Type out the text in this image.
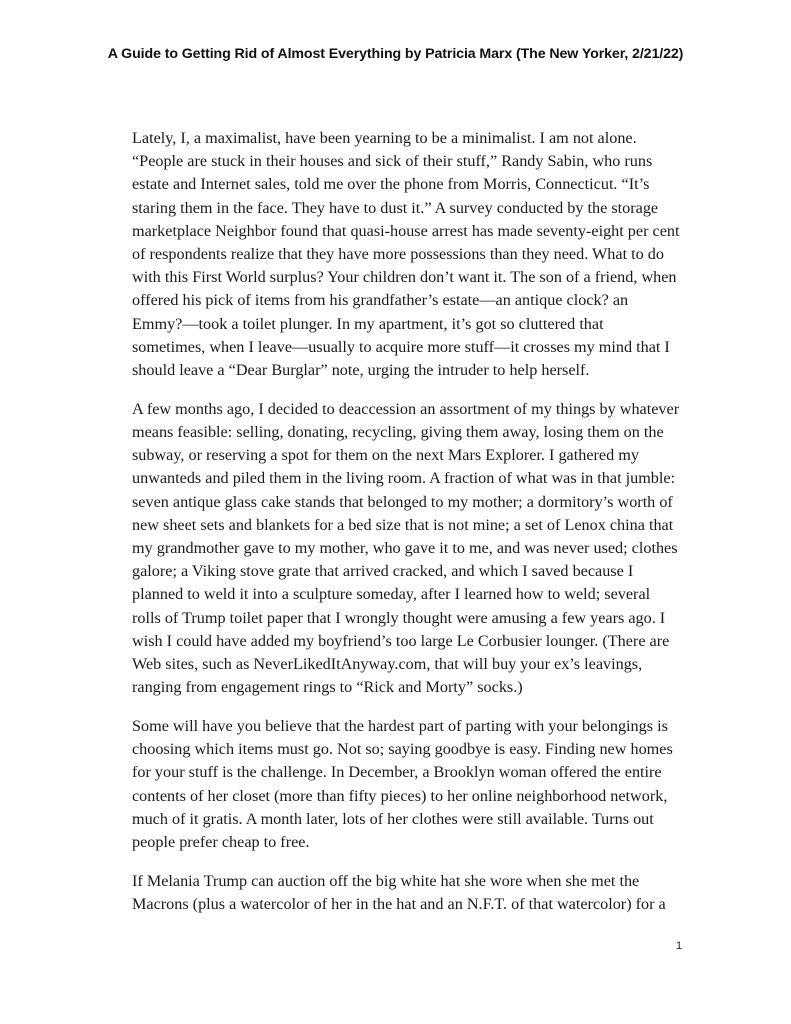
A Guide to Getting Rid of Almost Everything by Patricia Marx (The New Yorker, 2/21/22)

Lately, I, a maximalist, have been yearning to be a minimalist. I am not alone.
“People are stuck in their houses and sick of their stuff,” Randy Sabin, who runs
estate and Internet sales, told me over the phone from Morris, Connecticut. “It’s
staring them in the face. They have to dust it.” A survey conducted by the storage
marketplace Neighbor found that quasi-house arrest has made seventy-eight per cent
of respondents realize that they have more possessions than they need. What to do
with this First World surplus? Your children don’t want it. The son of a friend, when
offered his pick of items from his grandfather’s estate—an antique clock? an
Emmy?—took a toilet plunger. In my apartment, it’s got so cluttered that
sometimes, when I leave—usually to acquire more stuff—it crosses my mind that I
should leave a “Dear Burglar” note, urging the intruder to help herself.

A few months ago, I decided to deaccession an assortment of my things by whatever
means feasible: selling, donating, recycling, giving them away, losing them on the
subway, or reserving a spot for them on the next Mars Explorer. I gathered my
unwanteds and piled them in the living room. A fraction of what was in that jumble:
seven antique glass cake stands that belonged to my mother; a dormitory’s worth of
new sheet sets and blankets for a bed size that is not mine; a set of Lenox china that
my grandmother gave to my mother, who gave it to me, and was never used; clothes
galore; a Viking stove grate that arrived cracked, and which I saved because I
planned to weld it into a sculpture someday, after I learned how to weld; several
rolls of Trump toilet paper that I wrongly thought were amusing a few years ago. I
wish I could have added my boyfriend’s too large Le Corbusier lounger. (There are
Web sites, such as NeverLikedItAnyway.com, that will buy your ex’s leavings,
ranging from engagement rings to “Rick and Morty” socks.)

Some will have you believe that the hardest part of parting with your belongings is
choosing which items must go. Not so; saying goodbye is easy. Finding new homes
for your stuff is the challenge. In December, a Brooklyn woman offered the entire
contents of her closet (more than fifty pieces) to her online neighborhood network,
much of it gratis. A month later, lots of her clothes were still available. Turns out
people prefer cheap to free.

If Melania Trump can auction off the big white hat she wore when she met the
Macrons (plus a watercolor of her in the hat and an N.F.T. of that watercolor) for a

1
